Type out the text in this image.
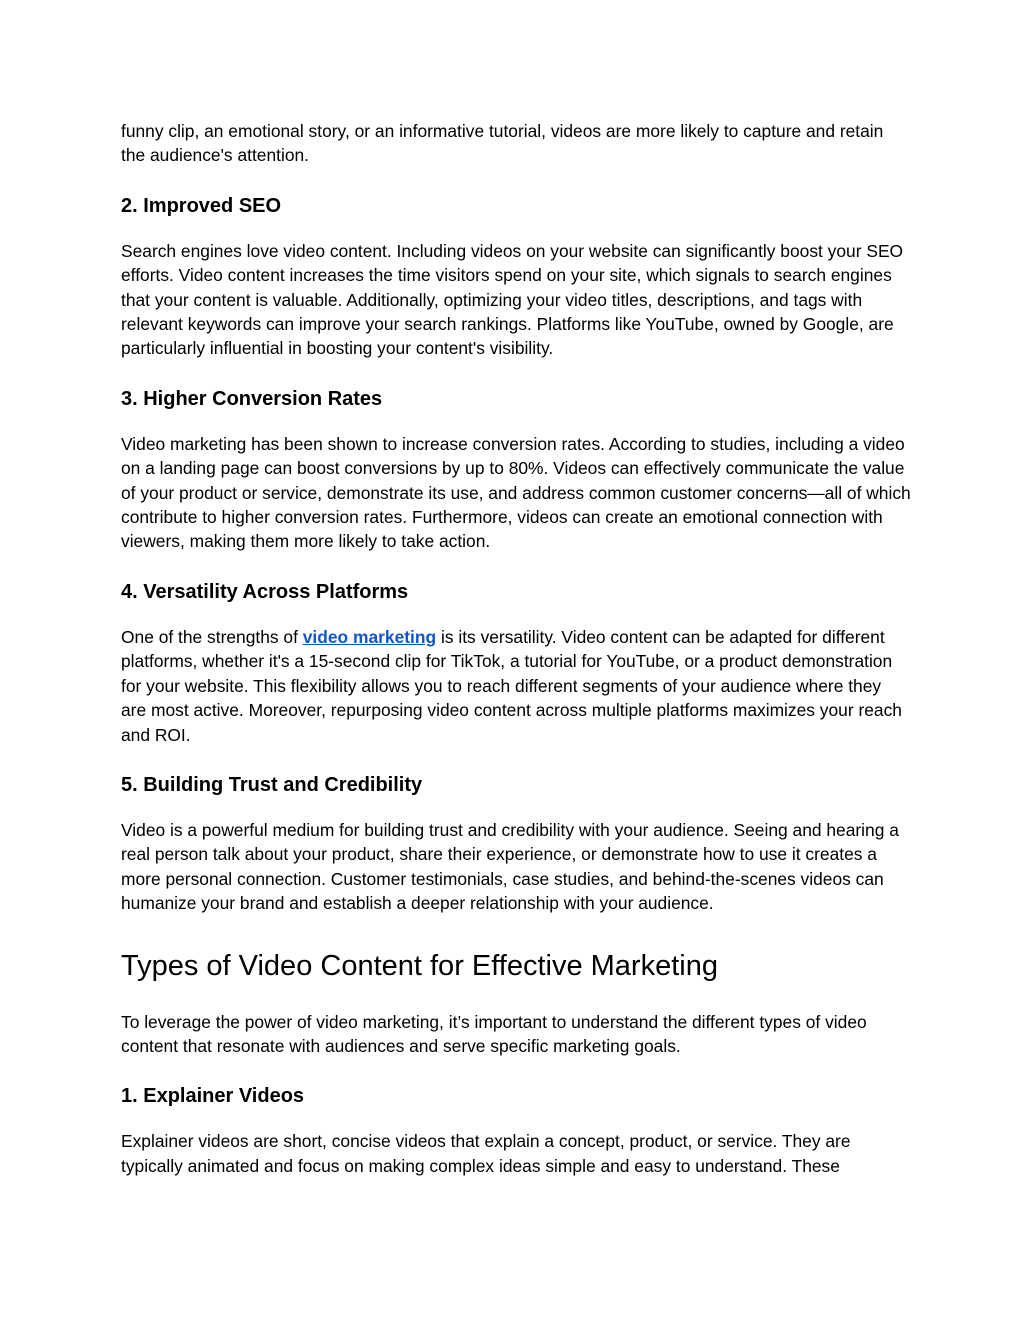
funny clip, an emotional story, or an informative tutorial, videos are more likely to capture and retain the audience's attention.

2. Improved SEO

Search engines love video content. Including videos on your website can significantly boost your SEO efforts. Video content increases the time visitors spend on your site, which signals to search engines that your content is valuable. Additionally, optimizing your video titles, descriptions, and tags with relevant keywords can improve your search rankings. Platforms like YouTube, owned by Google, are particularly influential in boosting your content's visibility.

3. Higher Conversion Rates

Video marketing has been shown to increase conversion rates. According to studies, including a video on a landing page can boost conversions by up to 80%. Videos can effectively communicate the value of your product or service, demonstrate its use, and address common customer concerns—all of which contribute to higher conversion rates. Furthermore, videos can create an emotional connection with viewers, making them more likely to take action.

4. Versatility Across Platforms

One of the strengths of video marketing is its versatility. Video content can be adapted for different platforms, whether it's a 15-second clip for TikTok, a tutorial for YouTube, or a product demonstration for your website. This flexibility allows you to reach different segments of your audience where they are most active. Moreover, repurposing video content across multiple platforms maximizes your reach and ROI.

5. Building Trust and Credibility

Video is a powerful medium for building trust and credibility with your audience. Seeing and hearing a real person talk about your product, share their experience, or demonstrate how to use it creates a more personal connection. Customer testimonials, case studies, and behind-the-scenes videos can humanize your brand and establish a deeper relationship with your audience.

Types of Video Content for Effective Marketing

To leverage the power of video marketing, it’s important to understand the different types of video content that resonate with audiences and serve specific marketing goals.

1. Explainer Videos

Explainer videos are short, concise videos that explain a concept, product, or service. They are typically animated and focus on making complex ideas simple and easy to understand. These
